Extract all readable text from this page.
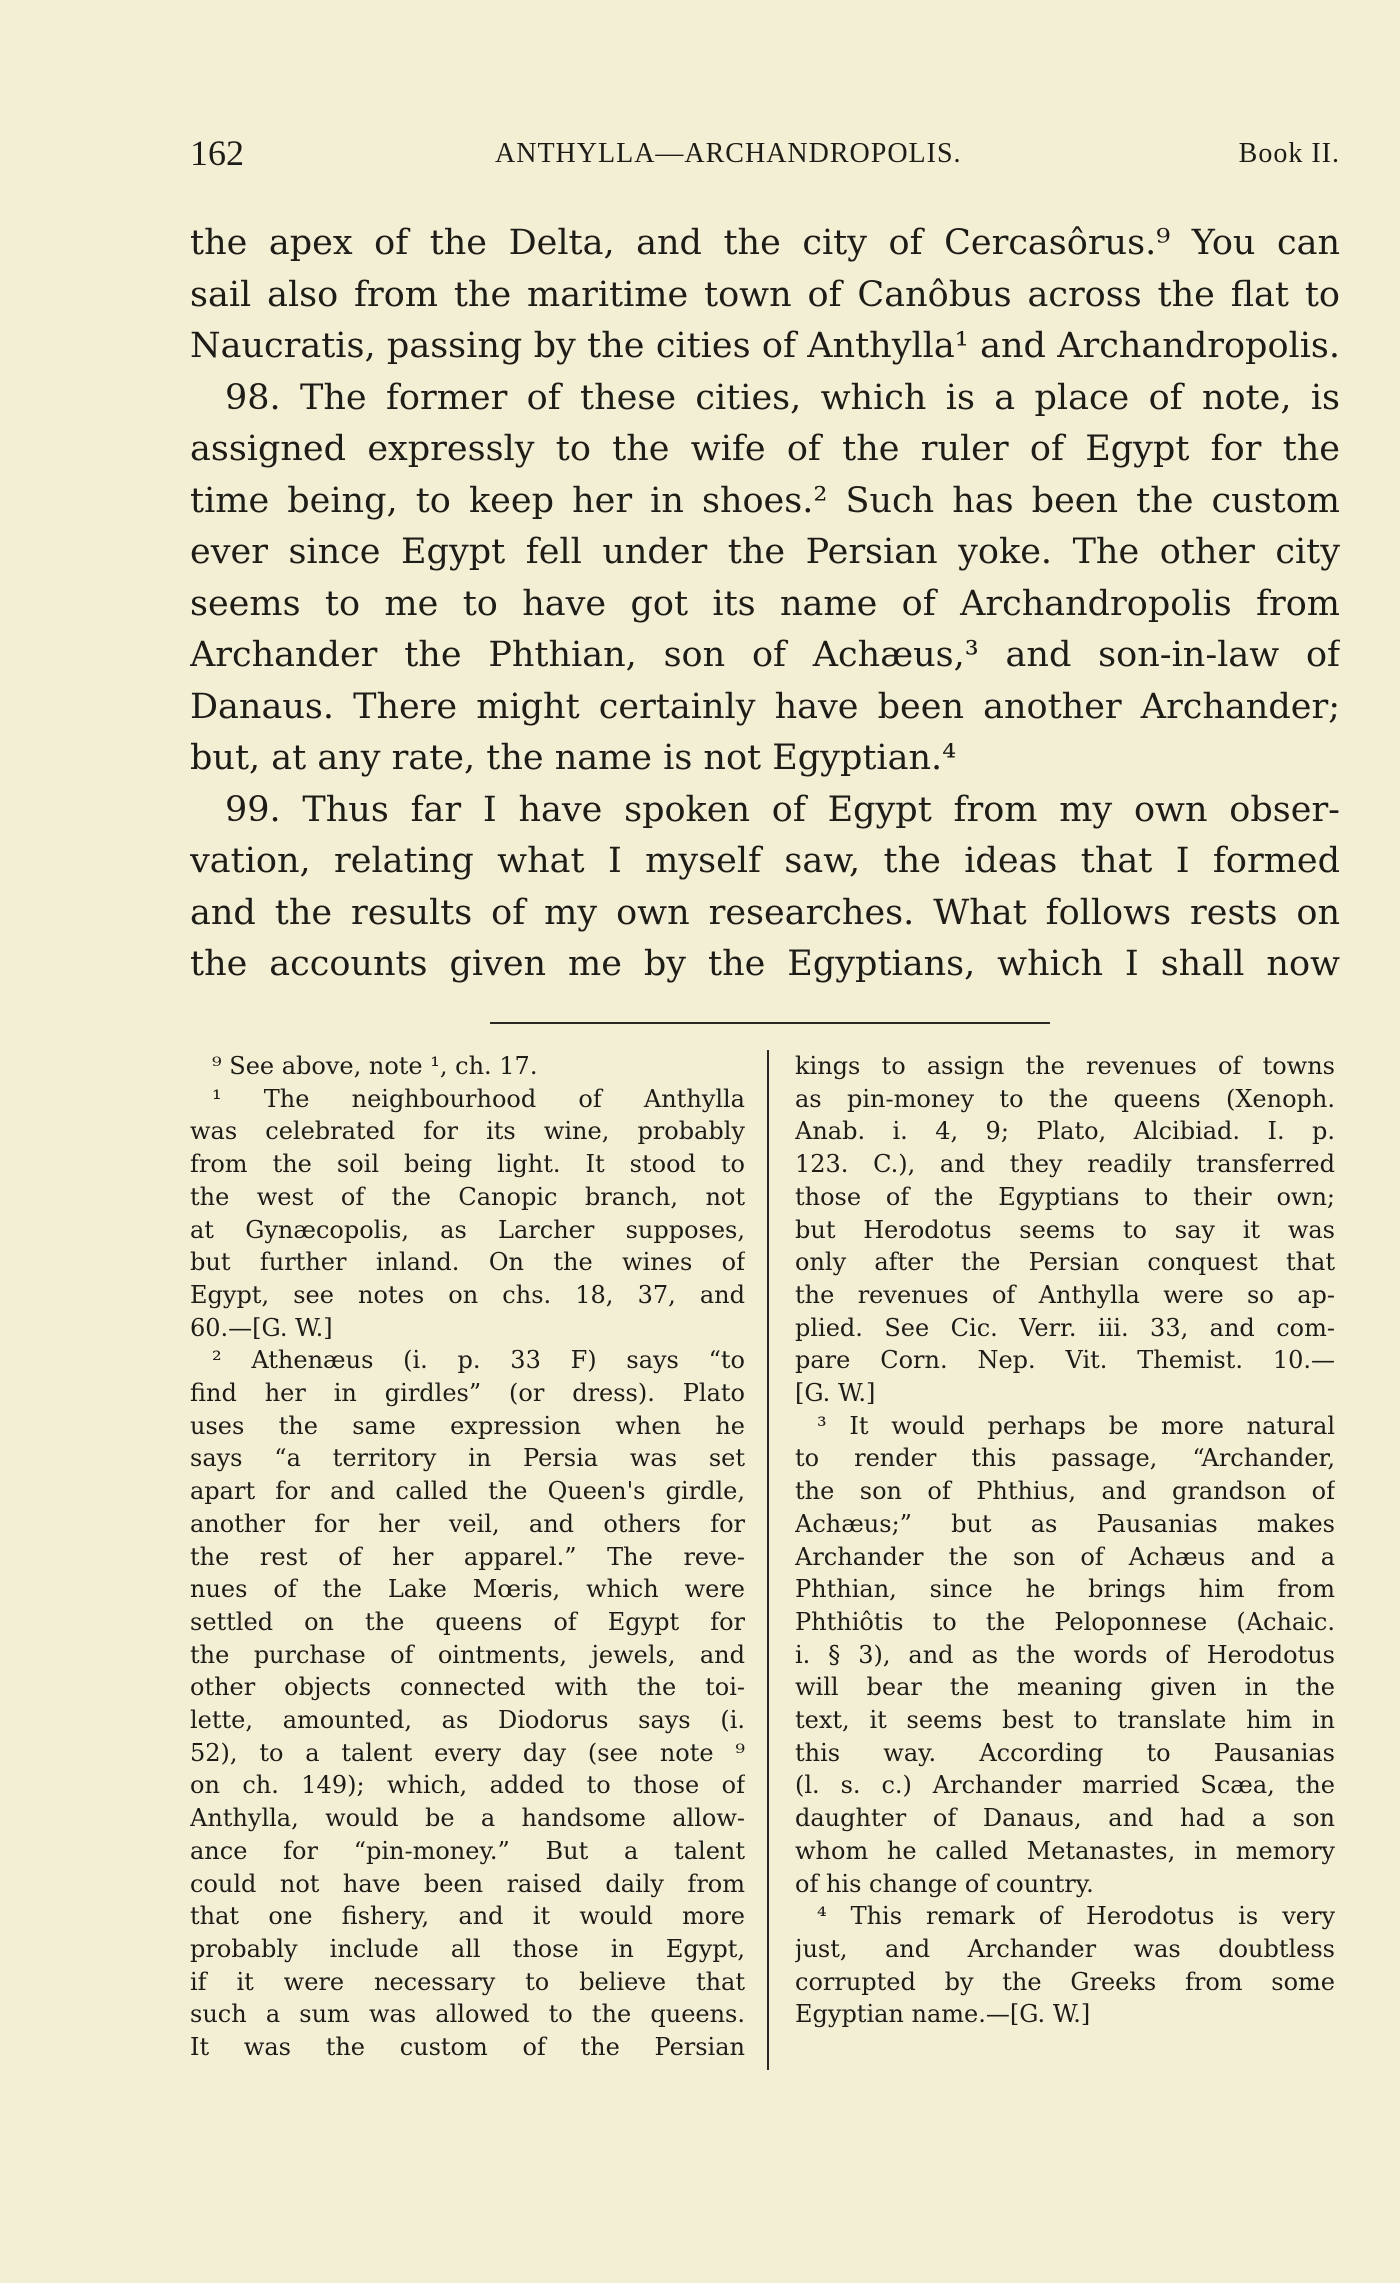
162	ANTHYLLA—ARCHANDROPOLIS.	Book II.
the apex of the Delta, and the city of Cercasôrus.⁹ You can
sail also from the maritime town of Canôbus across the flat to
Naucratis, passing by the cities of Anthylla¹ and Archandropolis.
98. The former of these cities, which is a place of note, is
assigned expressly to the wife of the ruler of Egypt for the
time being, to keep her in shoes.² Such has been the custom
ever since Egypt fell under the Persian yoke. The other city
seems to me to have got its name of Archandropolis from
Archander the Phthian, son of Achæus,³ and son-in-law of
Danaus. There might certainly have been another Archander;
but, at any rate, the name is not Egyptian.⁴
99. Thus far I have spoken of Egypt from my own obser-
vation, relating what I myself saw, the ideas that I formed
and the results of my own researches. What follows rests on
the accounts given me by the Egyptians, which I shall now
⁹ See above, note ¹, ch. 17.
¹ The neighbourhood of Anthylla
was celebrated for its wine, probably
from the soil being light. It stood to
the west of the Canopic branch, not
at Gynæcopolis, as Larcher supposes,
but further inland. On the wines of
Egypt, see notes on chs. 18, 37, and
60.—[G. W.]
² Athenæus (i. p. 33 F) says “to
find her in girdles” (or dress). Plato
uses the same expression when he
says “a territory in Persia was set
apart for and called the Queen's girdle,
another for her veil, and others for
the rest of her apparel.” The reve-
nues of the Lake Mœris, which were
settled on the queens of Egypt for
the purchase of ointments, jewels, and
other objects connected with the toi-
lette, amounted, as Diodorus says (i.
52), to a talent every day (see note ⁹
on ch. 149); which, added to those of
Anthylla, would be a handsome allow-
ance for “pin-money.” But a talent
could not have been raised daily from
that one fishery, and it would more
probably include all those in Egypt,
if it were necessary to believe that
such a sum was allowed to the queens.
It was the custom of the Persian
kings to assign the revenues of towns
as pin-money to the queens (Xenoph.
Anab. i. 4, 9; Plato, Alcibiad. I. p.
123. C.), and they readily transferred
those of the Egyptians to their own;
but Herodotus seems to say it was
only after the Persian conquest that
the revenues of Anthylla were so ap-
plied. See Cic. Verr. iii. 33, and com-
pare Corn. Nep. Vit. Themist. 10.—
[G. W.]
³ It would perhaps be more natural
to render this passage, “Archander,
the son of Phthius, and grandson of
Achæus;” but as Pausanias makes
Archander the son of Achæus and a
Phthian, since he brings him from
Phthiôtis to the Peloponnese (Achaic.
i. § 3), and as the words of Herodotus
will bear the meaning given in the
text, it seems best to translate him in
this way. According to Pausanias
(l. s. c.) Archander married Scæa, the
daughter of Danaus, and had a son
whom he called Metanastes, in memory
of his change of country.
⁴ This remark of Herodotus is very
just, and Archander was doubtless
corrupted by the Greeks from some
Egyptian name.—[G. W.]
